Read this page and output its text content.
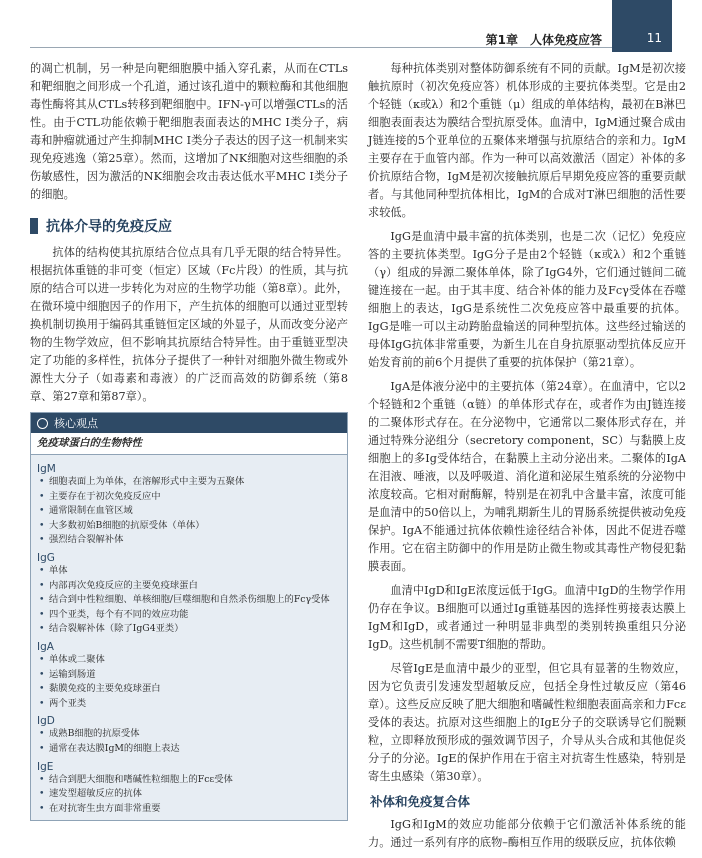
第1章　人体免疫应答	11

的凋亡机制，另一种是向靶细胞膜中插入穿孔素，从而在CTLs和靶细胞之间形成一个孔道，通过该孔道中的颗粒酶和其他细胞毒性酶将其从CTLs转移到靶细胞中。IFN-γ可以增强CTLs的活性。由于CTL功能依赖于靶细胞表面表达的MHC Ⅰ类分子，病毒和肿瘤就通过产生抑制MHC Ⅰ类分子表达的因子这一机制来实现免疫逃逸（第25章）。然而，这增加了NK细胞对这些细胞的杀伤敏感性，因为激活的NK细胞会攻击表达低水平MHC Ⅰ类分子的细胞。

抗体介导的免疫反应

抗体的结构使其抗原结合位点具有几乎无限的结合特异性。根据抗体重链的非可变（恒定）区域（Fc片段）的性质，其与抗原的结合可以进一步转化为对应的生物学功能（第8章）。此外，在微环境中细胞因子的作用下，产生抗体的细胞可以通过亚型转换机制切换用于编码其重链恒定区域的外显子，从而改变分泌产物的生物学效应，但不影响其抗原结合特异性。由于重链亚型决定了功能的多样性，抗体分子提供了一种针对细胞外微生物或外源性大分子（如毒素和毒液）的广泛而高效的防御系统（第8章、第27章和第87章）。

核心观点
免疫球蛋白的生物特性
IgM
• 细胞表面上为单体，在溶解形式中主要为五聚体
• 主要存在于初次免疫反应中
• 通常限制在血管区域
• 大多数初始B细胞的抗原受体（单体）
• 强烈结合裂解补体
IgG
• 单体
• 内部再次免疫反应的主要免疫球蛋白
• 结合到中性粒细胞、单核细胞/巨噬细胞和自然杀伤细胞上的Fcγ受体
• 四个亚类，每个有不同的效应功能
• 结合裂解补体（除了IgG4亚类）
IgA
• 单体或二聚体
• 运输到肠道
• 黏膜免疫的主要免疫球蛋白
• 两个亚类
IgD
• 成熟B细胞的抗原受体
• 通常在表达膜IgM的细胞上表达
IgE
• 结合到肥大细胞和嗜碱性粒细胞上的Fcε受体
• 速发型超敏反应的抗体
• 在对抗寄生虫方面非常重要

每种抗体类别对整体防御系统有不同的贡献。IgM是初次接触抗原时（初次免疫应答）机体形成的主要抗体类型。它是由2个轻链（κ或λ）和2个重链（μ）组成的单体结构，最初在B淋巴细胞表面表达为膜结合型抗原受体。血清中，IgM通过聚合成由J链连接的5个亚单位的五聚体来增强与抗原结合的亲和力。IgM主要存在于血管内部。作为一种可以高效激活（固定）补体的多价抗原结合物，IgM是初次接触抗原后早期免疫应答的重要贡献者。与其他同种型抗体相比，IgM的合成对T淋巴细胞的活性要求较低。

IgG是血清中最丰富的抗体类别，也是二次（记忆）免疫应答的主要抗体类型。IgG分子是由2个轻链（κ或λ）和2个重链（γ）组成的异源二聚体单体，除了IgG4外，它们通过链间二硫键连接在一起。由于其丰度、结合补体的能力及Fcγ受体在吞噬细胞上的表达，IgG是系统性二次免疫应答中最重要的抗体。IgG是唯一可以主动跨胎盘输送的同种型抗体。这些经过输送的母体IgG抗体非常重要，为新生儿在自身抗原驱动型抗体反应开始发育前的前6个月提供了重要的抗体保护（第21章）。

IgA是体液分泌中的主要抗体（第24章）。在血清中，它以2个轻链和2个重链（α链）的单体形式存在，或者作为由J链连接的二聚体形式存在。在分泌物中，它通常以二聚体形式存在，并通过特殊分泌组分（secretory component，SC）与黏膜上皮细胞上的多Ig受体结合，在黏膜上主动分泌出来。二聚体的IgA在泪液、唾液，以及呼吸道、消化道和泌尿生殖系统的分泌物中浓度较高。它相对耐酶解，特别是在初乳中含量丰富，浓度可能是血清中的50倍以上，为哺乳期新生儿的胃肠系统提供被动免疫保护。IgA不能通过抗体依赖性途径结合补体，因此不促进吞噬作用。它在宿主防御中的作用是防止微生物或其毒性产物侵犯黏膜表面。

血清中IgD和IgE浓度远低于IgG。血清中IgD的生物学作用仍存在争议。B细胞可以通过Ig重链基因的选择性剪接表达膜上IgM和IgD，或者通过一种明显非典型的类别转换重组只分泌IgD。这些机制不需要T细胞的帮助。

尽管IgE是血清中最少的亚型，但它具有显著的生物效应，因为它负责引发速发型超敏反应，包括全身性过敏反应（第46章）。这些反应反映了肥大细胞和嗜碱性粒细胞表面高亲和力Fcε受体的表达。抗原对这些细胞上的IgE分子的交联诱导它们脱颗粒，立即释放预形成的强效调节因子，介导从头合成和其他促炎分子的分泌。IgE的保护作用在于宿主对抗寄生性感染，特别是寄生虫感染（第30章）。

补体和免疫复合体

IgG和IgM的效应功能部分依赖于它们激活补体系统的能力。通过一系列有序的底物–酶相互作用的级联反应，抗体依赖
